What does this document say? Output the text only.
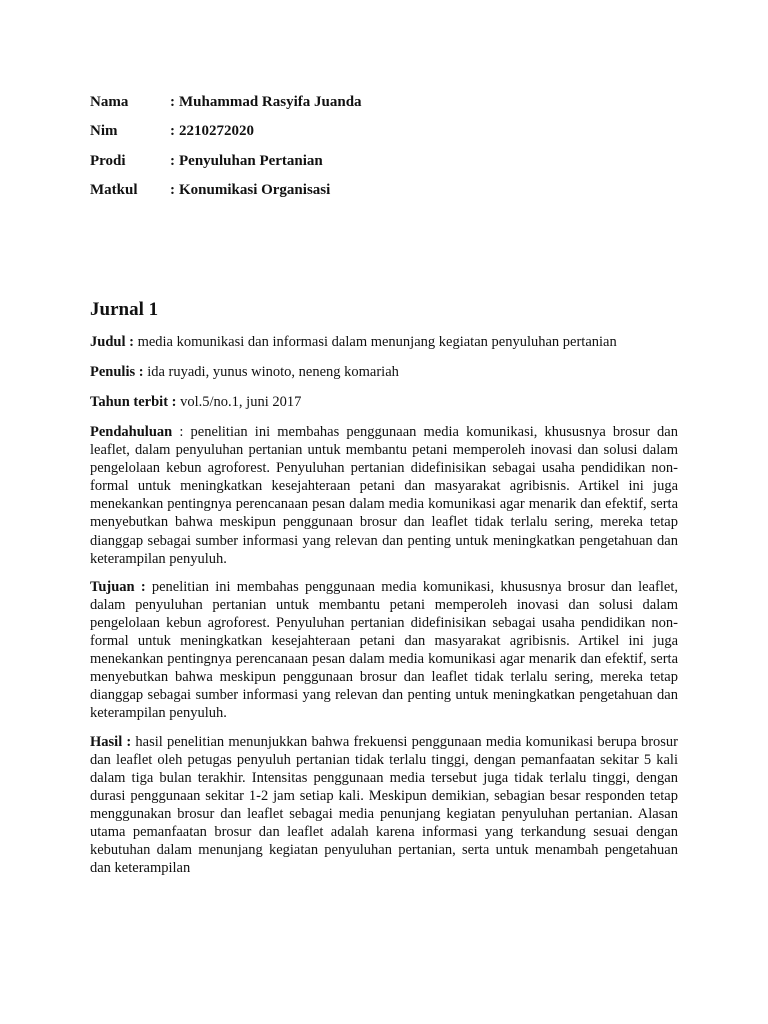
Nama	: Muhammad Rasyifa Juanda
Nim	: 2210272020
Prodi	: Penyuluhan Pertanian
Matkul	: Konumikasi Organisasi
Jurnal 1

Judul : media komunikasi dan informasi dalam menunjang kegiatan penyuluhan pertanian

Penulis : ida ruyadi, yunus winoto, neneng komariah

Tahun terbit : vol.5/no.1, juni 2017

Pendahuluan : penelitian ini membahas penggunaan media komunikasi, khususnya brosur dan leaflet, dalam penyuluhan pertanian untuk membantu petani memperoleh inovasi dan solusi dalam pengelolaan kebun agroforest. Penyuluhan pertanian didefinisikan sebagai usaha pendidikan non-formal untuk meningkatkan kesejahteraan petani dan masyarakat agribisnis. Artikel ini juga menekankan pentingnya perencanaan pesan dalam media komunikasi agar menarik dan efektif, serta menyebutkan bahwa meskipun penggunaan brosur dan leaflet tidak terlalu sering, mereka tetap dianggap sebagai sumber informasi yang relevan dan penting untuk meningkatkan pengetahuan dan keterampilan penyuluh.

Tujuan : penelitian ini membahas penggunaan media komunikasi, khususnya brosur dan leaflet, dalam penyuluhan pertanian untuk membantu petani memperoleh inovasi dan solusi dalam pengelolaan kebun agroforest. Penyuluhan pertanian didefinisikan sebagai usaha pendidikan non-formal untuk meningkatkan kesejahteraan petani dan masyarakat agribisnis. Artikel ini juga menekankan pentingnya perencanaan pesan dalam media komunikasi agar menarik dan efektif, serta menyebutkan bahwa meskipun penggunaan brosur dan leaflet tidak terlalu sering, mereka tetap dianggap sebagai sumber informasi yang relevan dan penting untuk meningkatkan pengetahuan dan keterampilan penyuluh.

Hasil : hasil penelitian menunjukkan bahwa frekuensi penggunaan media komunikasi berupa brosur dan leaflet oleh petugas penyuluh pertanian tidak terlalu tinggi, dengan pemanfaatan sekitar 5 kali dalam tiga bulan terakhir. Intensitas penggunaan media tersebut juga tidak terlalu tinggi, dengan durasi penggunaan sekitar 1-2 jam setiap kali. Meskipun demikian, sebagian besar responden tetap menggunakan brosur dan leaflet sebagai media penunjang kegiatan penyuluhan pertanian. Alasan utama pemanfaatan brosur dan leaflet adalah karena informasi yang terkandung sesuai dengan kebutuhan dalam menunjang kegiatan penyuluhan pertanian, serta untuk menambah pengetahuan dan keterampilan
